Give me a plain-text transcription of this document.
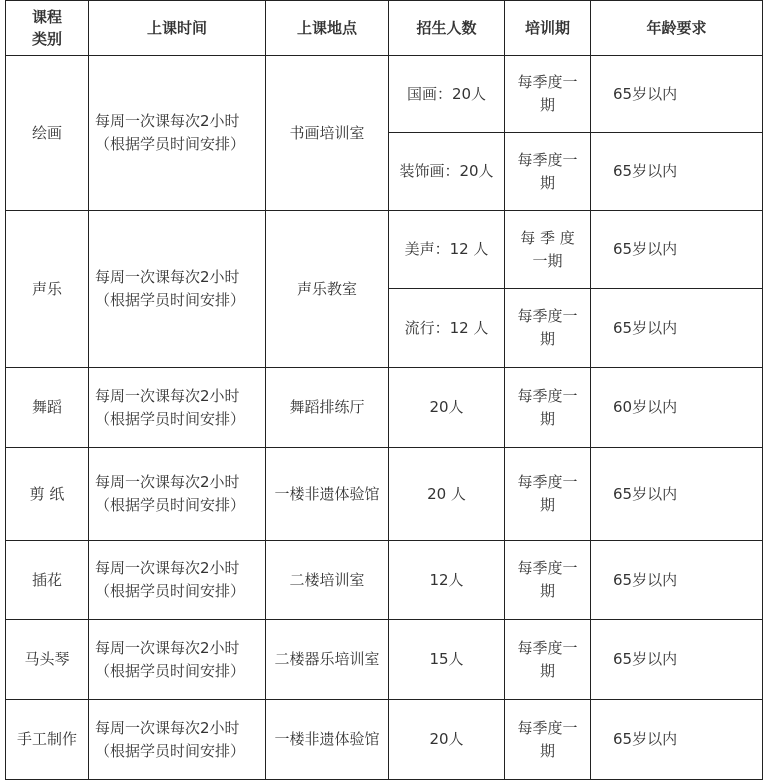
课程
类别	上课时间	上课地点	招生人数	培训期	年龄要求
绘画	每周一次课每次2小时（根据学员时间安排）	书画培训室	国画：20人	每季度一期	65岁以内
			装饰画：20人	每季度一期	65岁以内
声乐	每周一次课每次2小时（根据学员时间安排）	声乐教室	美声：12 人	每 季 度 一期	65岁以内
			流行：12 人	每季度一期	65岁以内
舞蹈	每周一次课每次2小时（根据学员时间安排）	舞蹈排练厅	20人	每季度一期	60岁以内
剪 纸	每周一次课每次2小时（根据学员时间安排）	一楼非遗体验馆	20 人	每季度一期	65岁以内
插花	每周一次课每次2小时（根据学员时间安排）	二楼培训室	12人	每季度一期	65岁以内
马头琴	每周一次课每次2小时（根据学员时间安排）	二楼器乐培训室	15人	每季度一期	65岁以内
手工制作	每周一次课每次2小时（根据学员时间安排）	一楼非遗体验馆	20人	每季度一期	65岁以内
